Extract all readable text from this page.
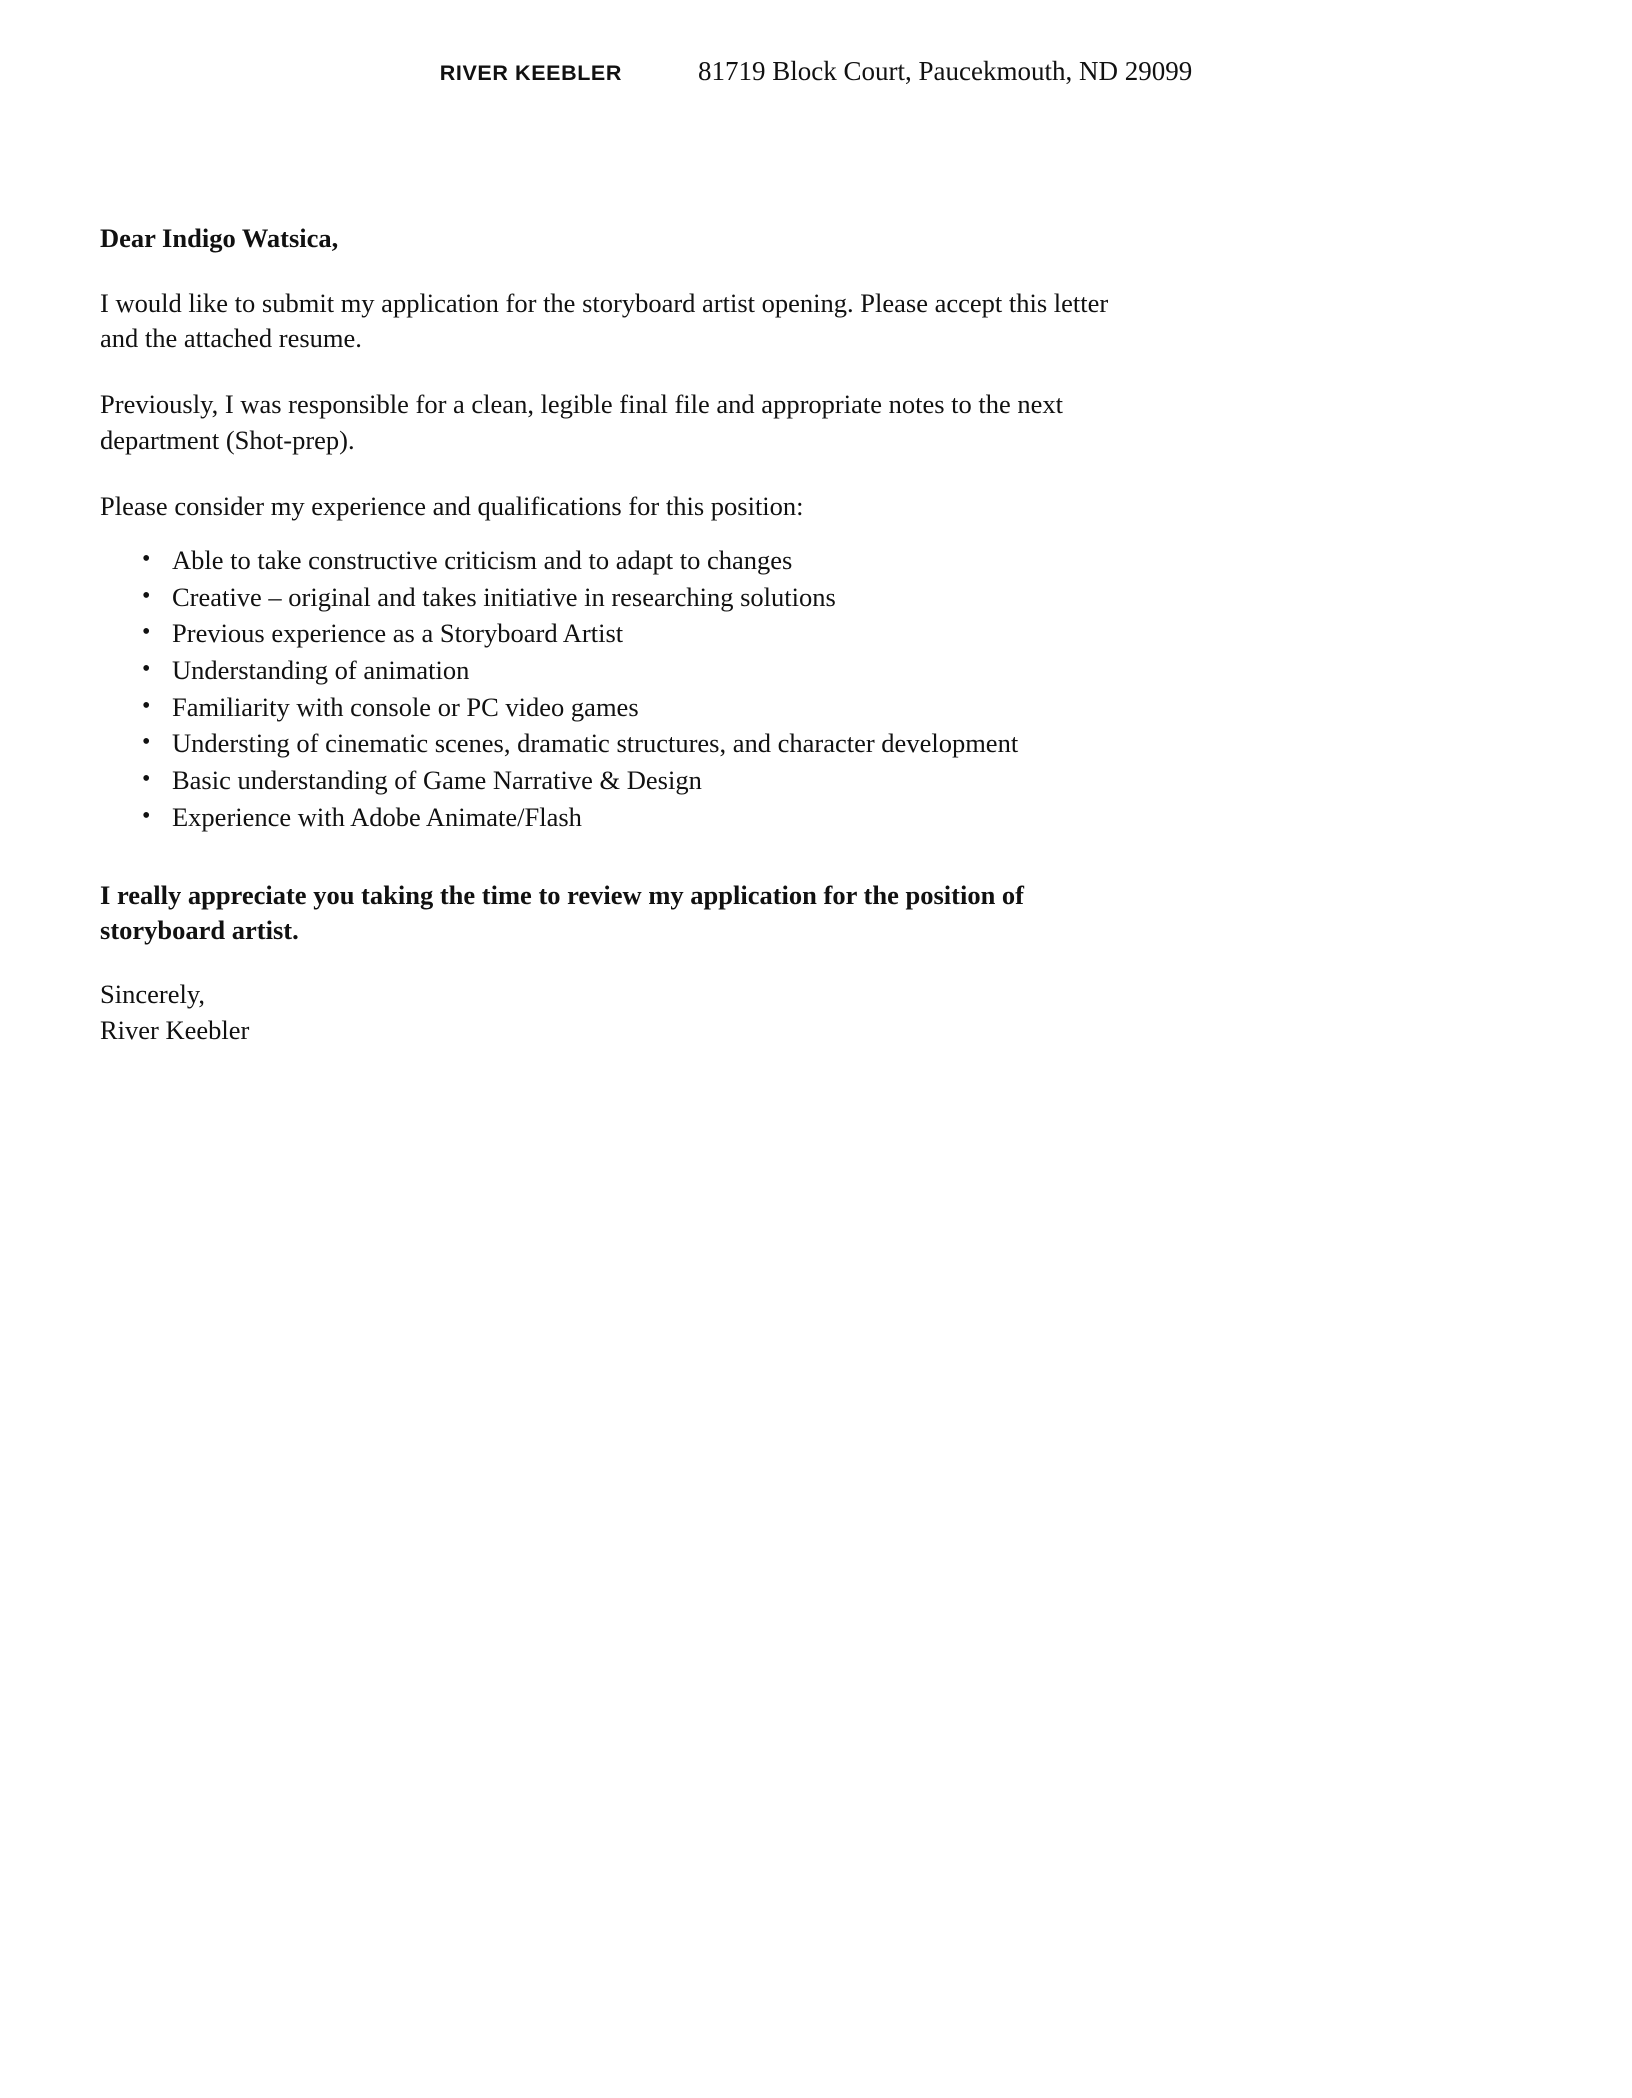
RIVER KEEBLER	81719 Block Court, Paucekmouth, ND 29099

Dear Indigo Watsica,

I would like to submit my application for the storyboard artist opening. Please accept this letter and the attached resume.

Previously, I was responsible for a clean, legible final file and appropriate notes to the next department (Shot-prep).

Please consider my experience and qualifications for this position:

• Able to take constructive criticism and to adapt to changes
• Creative – original and takes initiative in researching solutions
• Previous experience as a Storyboard Artist
• Understanding of animation
• Familiarity with console or PC video games
• Understing of cinematic scenes, dramatic structures, and character development
• Basic understanding of Game Narrative & Design
• Experience with Adobe Animate/Flash

I really appreciate you taking the time to review my application for the position of storyboard artist.

Sincerely,
River Keebler
